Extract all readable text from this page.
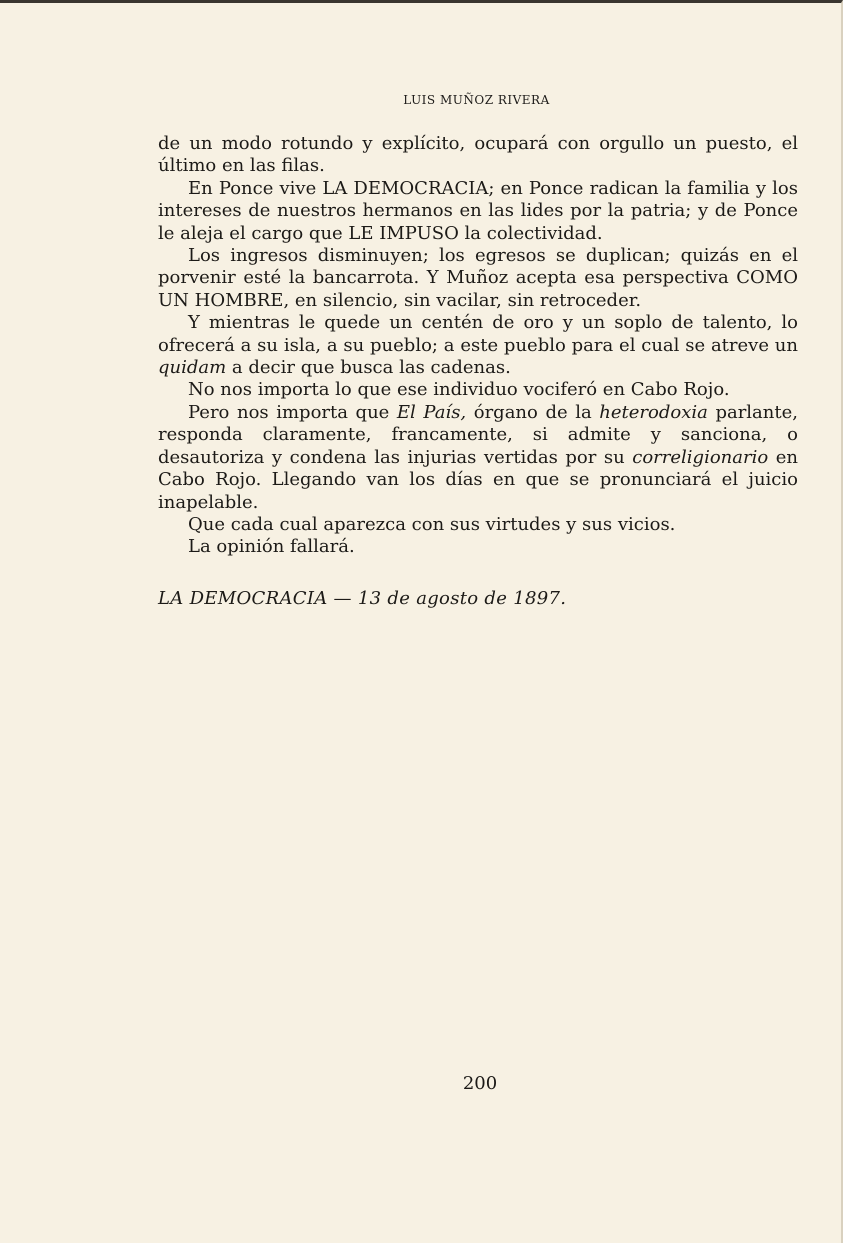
LUIS MUÑOZ RIVERA

de un modo rotundo y explícito, ocupará con orgullo un puesto, el último en las filas.

En Ponce vive LA DEMOCRACIA; en Ponce radican la familia y los intereses de nuestros hermanos en las lides por la patria; y de Ponce le aleja el cargo que LE IMPUSO la colectividad.

Los ingresos disminuyen; los egresos se duplican; quizás en el porvenir esté la bancarrota. Y Muñoz acepta esa perspectiva COMO UN HOMBRE, en silencio, sin vacilar, sin retroceder.

Y mientras le quede un centén de oro y un soplo de talento, lo ofrecerá a su isla, a su pueblo; a este pueblo para el cual se atreve un quidam a decir que busca las cadenas.

No nos importa lo que ese individuo vociferó en Cabo Rojo.

Pero nos importa que El País, órgano de la heterodoxia parlante, responda claramente, francamente, si admite y sanciona, o desautoriza y condena las injurias vertidas por su correligionario en Cabo Rojo. Llegando van los días en que se pronunciará el juicio inapelable.

Que cada cual aparezca con sus virtudes y sus vicios.

La opinión fallará.

LA DEMOCRACIA — 13 de agosto de 1897.

200
